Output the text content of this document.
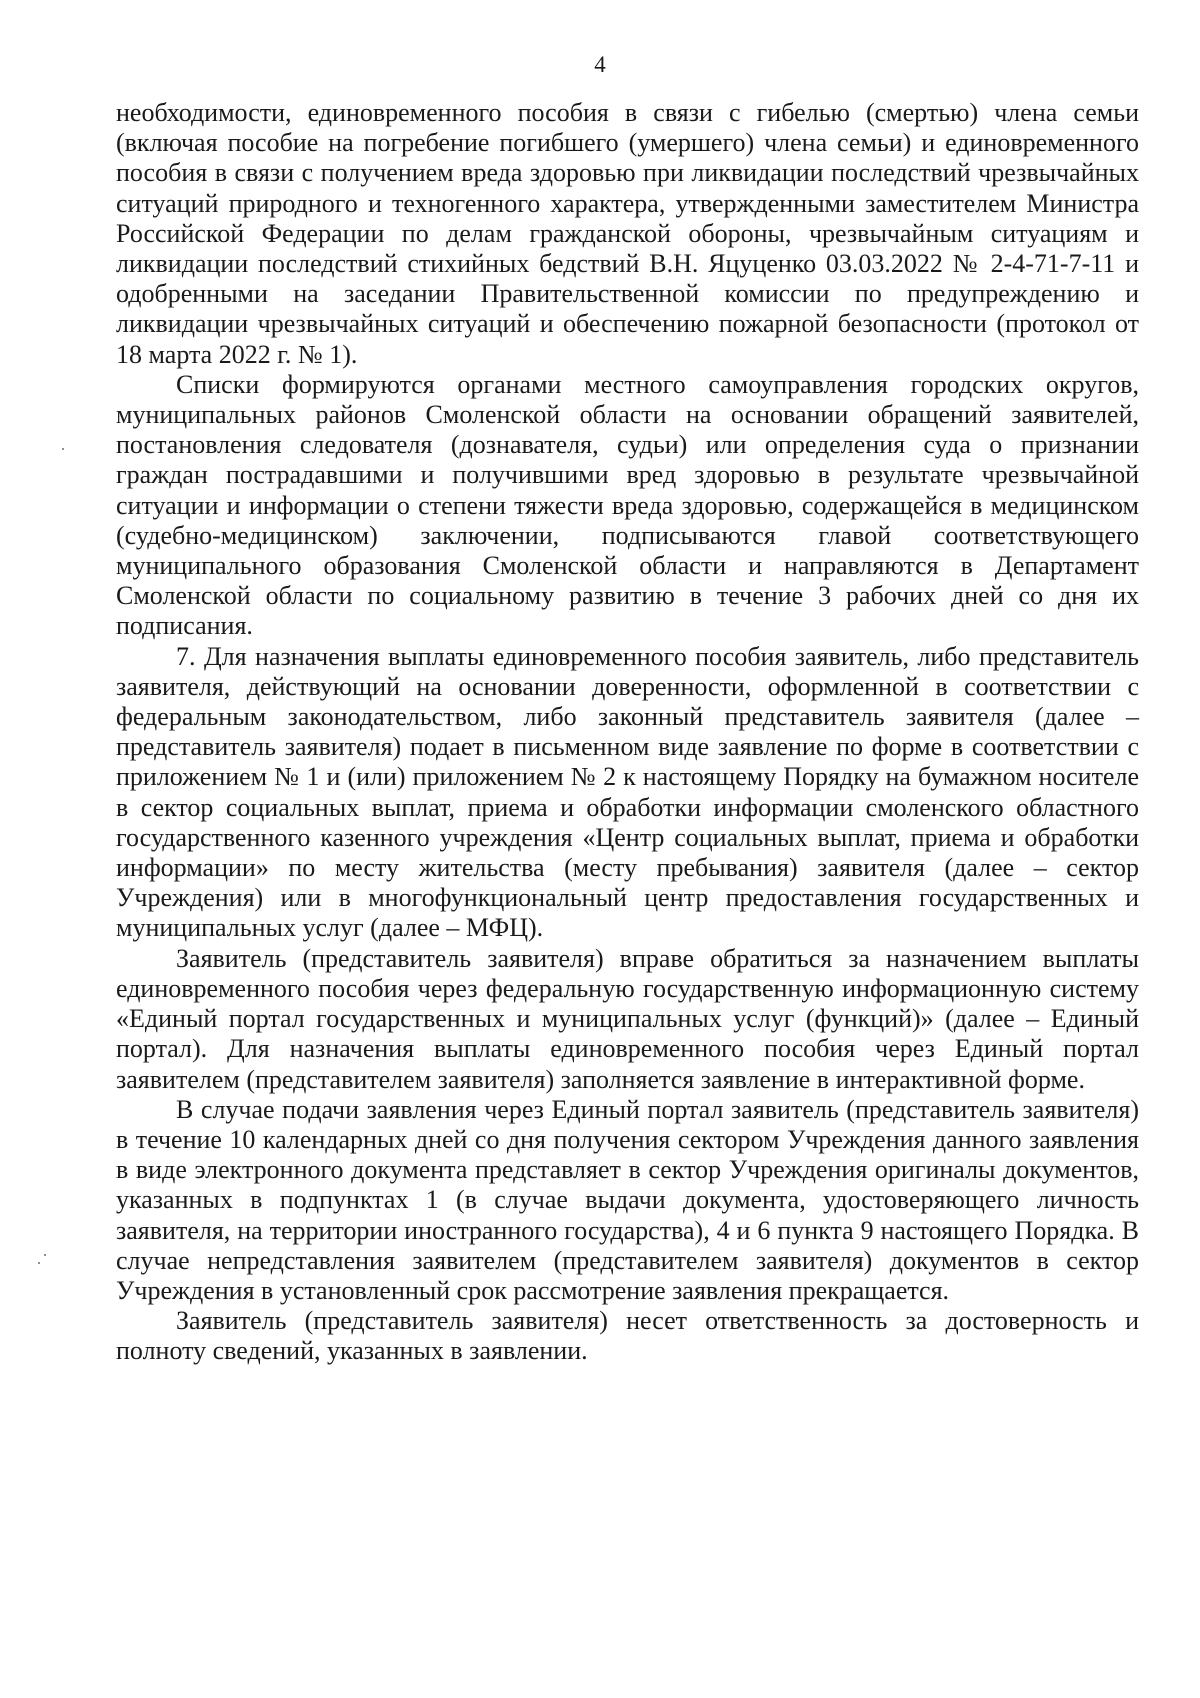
4

необходимости, единовременного пособия в связи с гибелью (смертью) члена семьи (включая пособие на погребение погибшего (умершего) члена семьи) и единовременного пособия в связи с получением вреда здоровью при ликвидации последствий чрезвычайных ситуаций природного и техногенного характера, утвержденными заместителем Министра Российской Федерации по делам гражданской обороны, чрезвычайным ситуациям и ликвидации последствий стихийных бедствий В.Н. Яцуценко 03.03.2022 № 2-4-71-7-11 и одобренными на заседании Правительственной комиссии по предупреждению и ликвидации чрезвычайных ситуаций и обеспечению пожарной безопасности (протокол от 18 марта 2022 г. № 1).

Списки формируются органами местного самоуправления городских округов, муниципальных районов Смоленской области на основании обращений заявителей, постановления следователя (дознавателя, судьи) или определения суда о признании граждан пострадавшими и получившими вред здоровью в результате чрезвычайной ситуации и информации о степени тяжести вреда здоровью, содержащейся в медицинском (судебно-медицинском) заключении, подписываются главой соответствующего муниципального образования Смоленской области и направляются в Департамент Смоленской области по социальному развитию в течение 3 рабочих дней со дня их подписания.

7. Для назначения выплаты единовременного пособия заявитель, либо представитель заявителя, действующий на основании доверенности, оформленной в соответствии с федеральным законодательством, либо законный представитель заявителя (далее – представитель заявителя) подает в письменном виде заявление по форме в соответствии с приложением № 1 и (или) приложением № 2 к настоящему Порядку на бумажном носителе в сектор социальных выплат, приема и обработки информации смоленского областного государственного казенного учреждения «Центр социальных выплат, приема и обработки информации» по месту жительства (месту пребывания) заявителя (далее – сектор Учреждения) или в многофункциональный центр предоставления государственных и муниципальных услуг (далее – МФЦ).

Заявитель (представитель заявителя) вправе обратиться за назначением выплаты единовременного пособия через федеральную государственную информационную систему «Единый портал государственных и муниципальных услуг (функций)» (далее – Единый портал). Для назначения выплаты единовременного пособия через Единый портал заявителем (представителем заявителя) заполняется заявление в интерактивной форме.

В случае подачи заявления через Единый портал заявитель (представитель заявителя) в течение 10 календарных дней со дня получения сектором Учреждения данного заявления в виде электронного документа представляет в сектор Учреждения оригиналы документов, указанных в подпунктах 1 (в случае выдачи документа, удостоверяющего личность заявителя, на территории иностранного государства), 4 и 6 пункта 9 настоящего Порядка. В случае непредставления заявителем (представителем заявителя) документов в сектор Учреждения в установленный срок рассмотрение заявления прекращается.

Заявитель (представитель заявителя) несет ответственность за достоверность и полноту сведений, указанных в заявлении.
